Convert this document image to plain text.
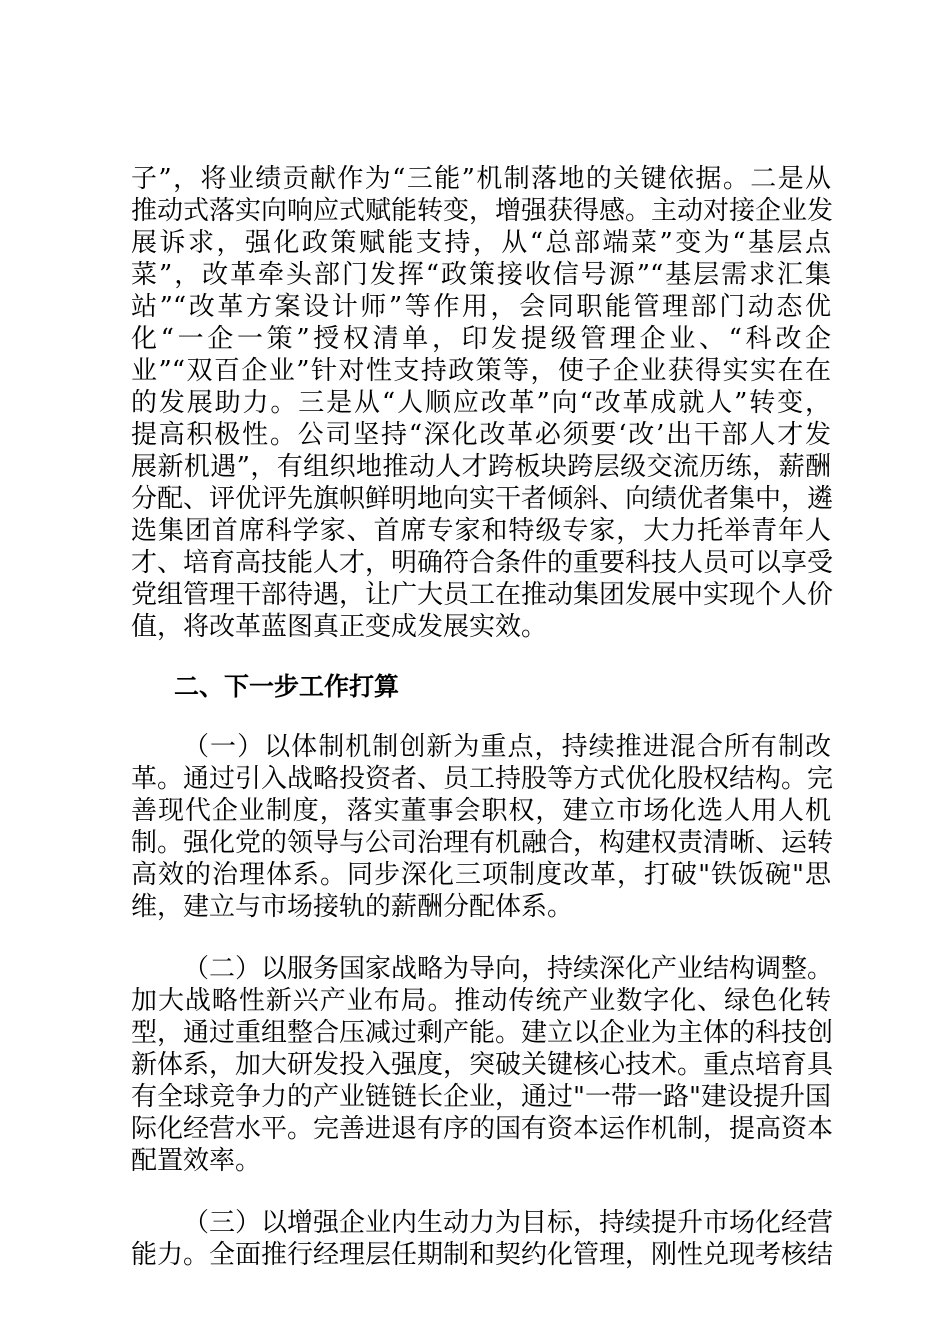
子”，将业绩贡献作为“三能”机制落地的关键依据。二是从
推动式落实向响应式赋能转变，增强获得感。主动对接企业发
展诉求，强化政策赋能支持，从“总部端菜”变为“基层点
菜”，改革牵头部门发挥“政策接收信号源”“基层需求汇集
站”“改革方案设计师”等作用，会同职能管理部门动态优
化“一企一策”授权清单，印发提级管理企业、“科改企
业”“双百企业”针对性支持政策等，使子企业获得实实在在
的发展助力。三是从“人顺应改革”向“改革成就人”转变，
提高积极性。公司坚持“深化改革必须要‘改’出干部人才发
展新机遇”，有组织地推动人才跨板块跨层级交流历练，薪酬
分配、评优评先旗帜鲜明地向实干者倾斜、向绩优者集中，遴
选集团首席科学家、首席专家和特级专家，大力托举青年人
才、培育高技能人才，明确符合条件的重要科技人员可以享受
党组管理干部待遇，让广大员工在推动集团发展中实现个人价
值，将改革蓝图真正变成发展实效。
二、下一步工作打算
（一）以体制机制创新为重点，持续推进混合所有制改
革。通过引入战略投资者、员工持股等方式优化股权结构。完
善现代企业制度，落实董事会职权，建立市场化选人用人机
制。强化党的领导与公司治理有机融合，构建权责清晰、运转
高效的治理体系。同步深化三项制度改革，打破"铁饭碗"思
维，建立与市场接轨的薪酬分配体系。
（二）以服务国家战略为导向，持续深化产业结构调整。
加大战略性新兴产业布局。推动传统产业数字化、绿色化转
型，通过重组整合压减过剩产能。建立以企业为主体的科技创
新体系，加大研发投入强度，突破关键核心技术。重点培育具
有全球竞争力的产业链链长企业，通过"一带一路"建设提升国
际化经营水平。完善进退有序的国有资本运作机制，提高资本
配置效率。
（三）以增强企业内生动力为目标，持续提升市场化经营
能力。全面推行经理层任期制和契约化管理，刚性兑现考核结
